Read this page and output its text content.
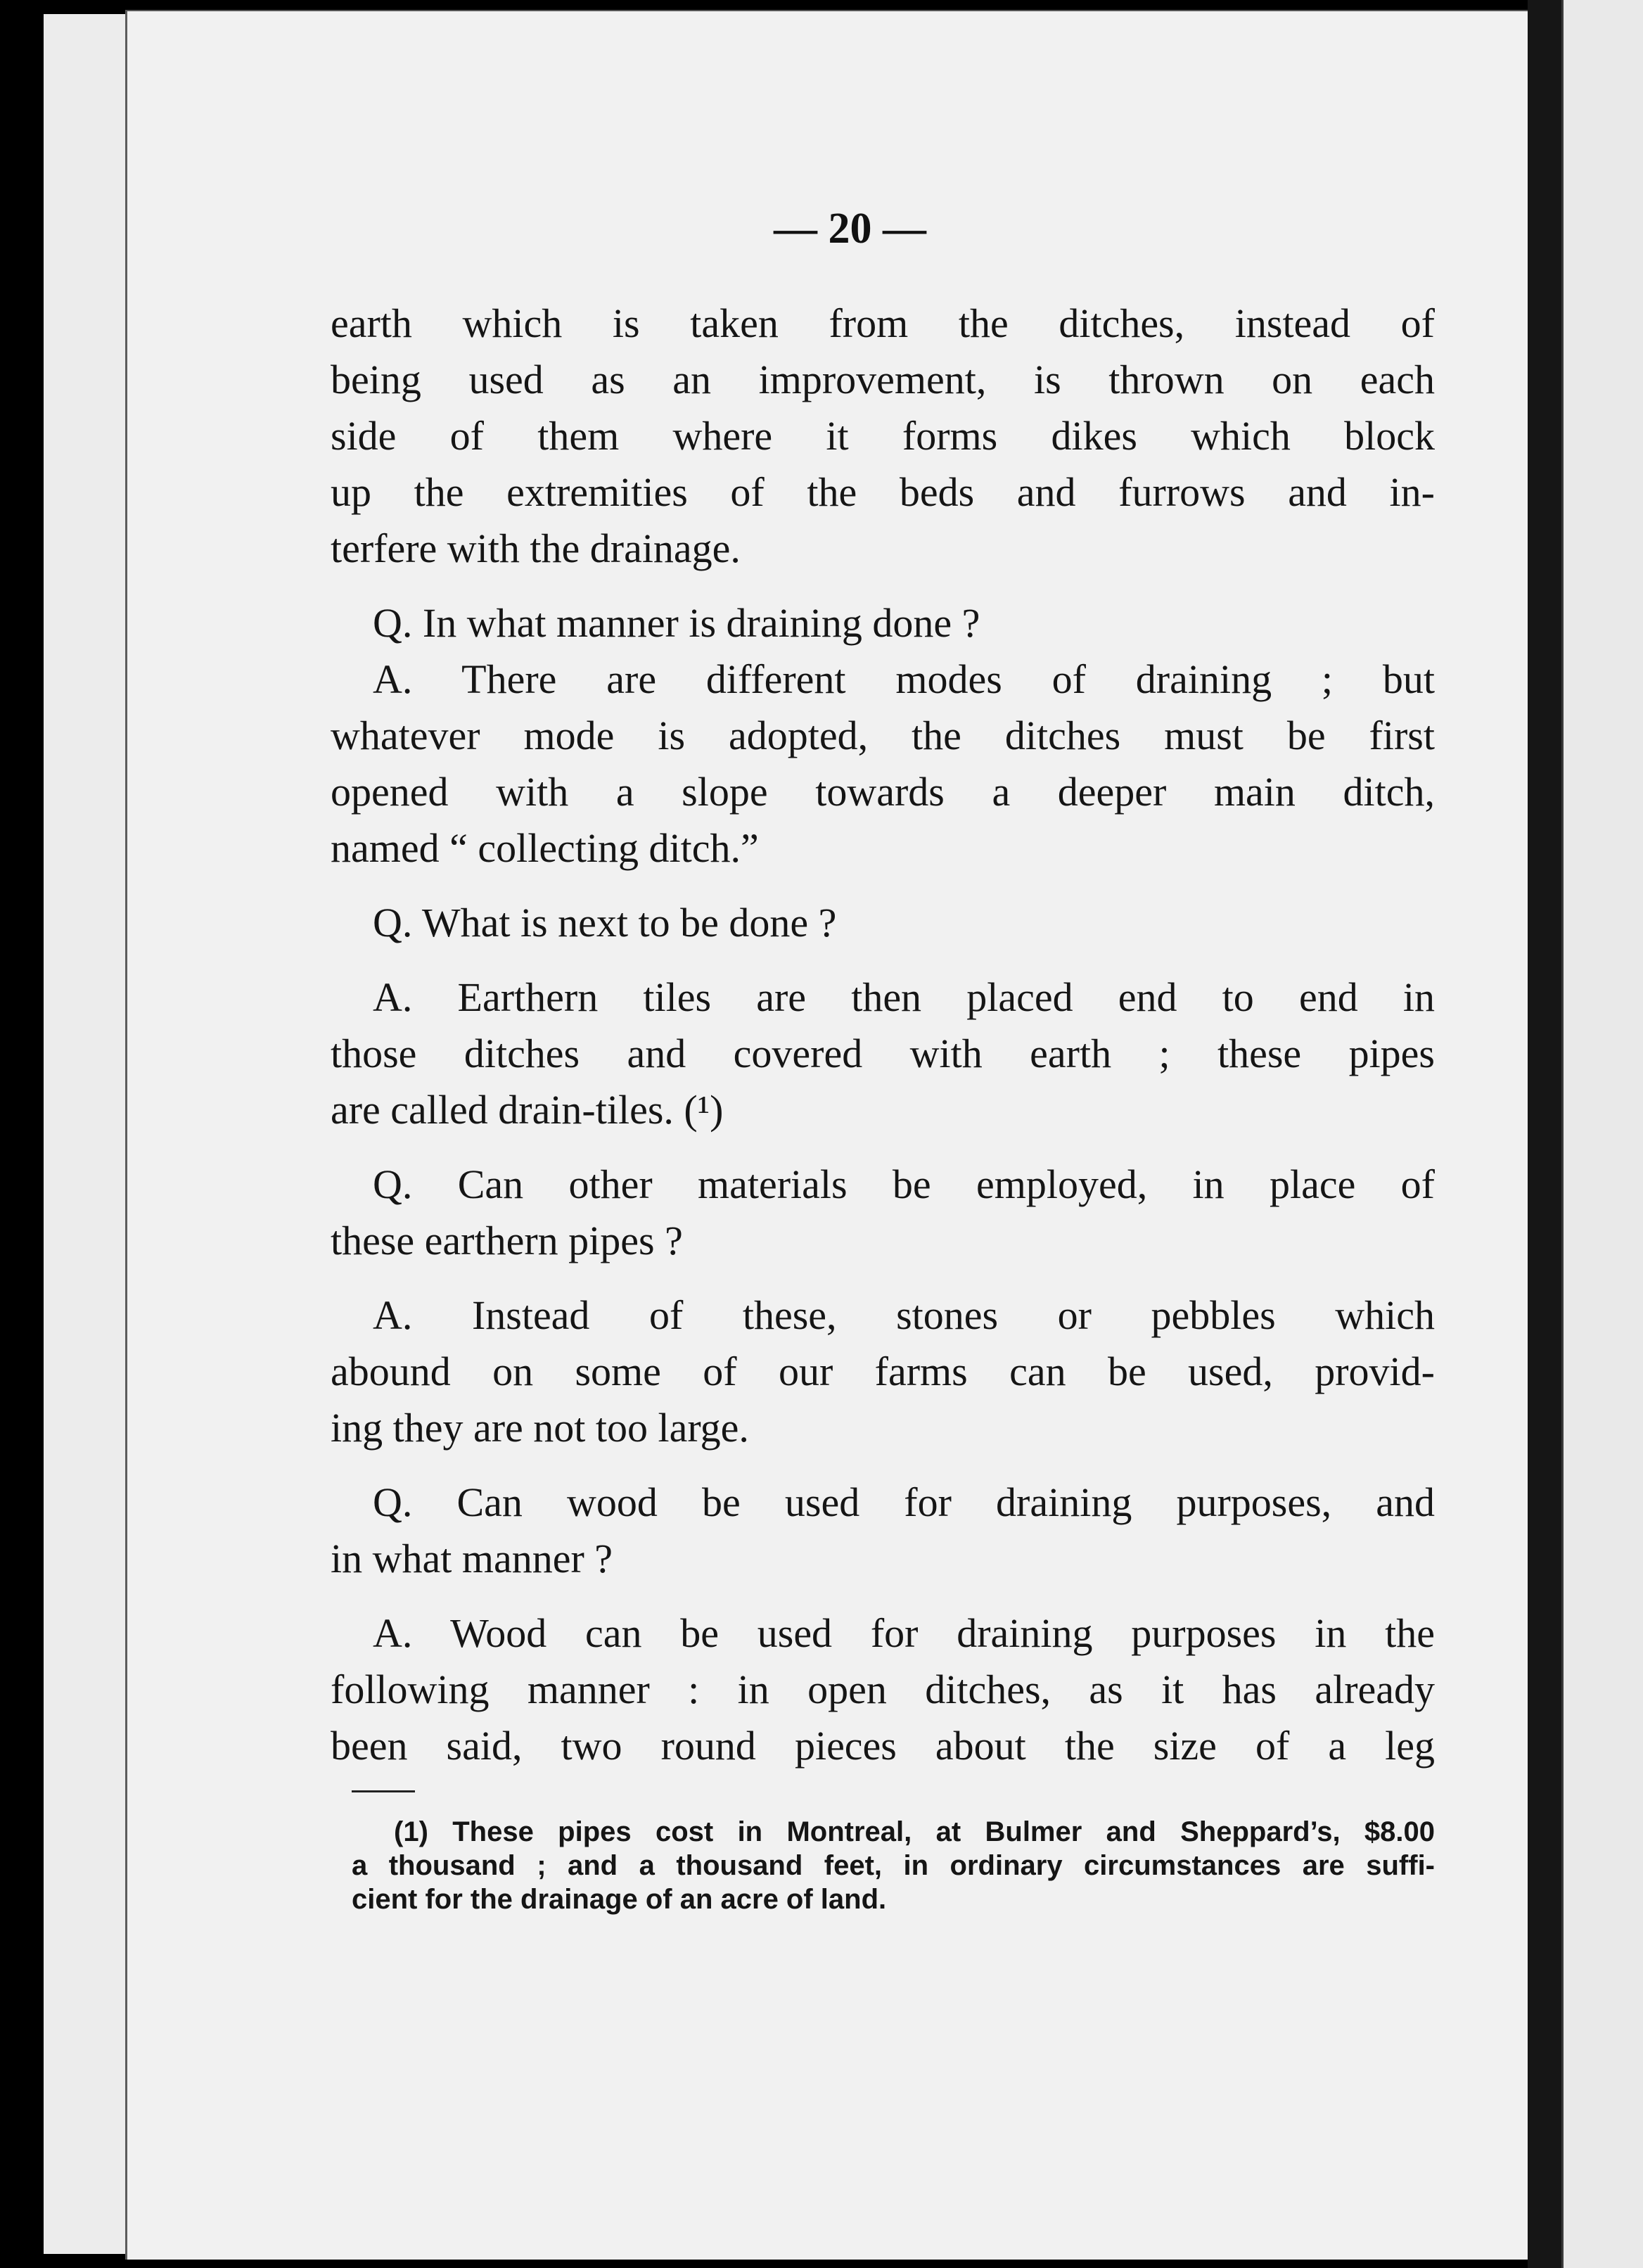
— 20 —
earth which is taken from the ditches, instead of
being used as an improvement, is thrown on each
side of them where it forms dikes which block
up the extremities of the beds and furrows and in-
terfere with the drainage.
Q. In what manner is draining done ?
A. There are different modes of draining ; but
whatever mode is adopted, the ditches must be first
opened with a slope towards a deeper main ditch,
named “ collecting ditch.”
Q. What is next to be done ?
A. Earthern tiles are then placed end to end in
those ditches and covered with earth ; these pipes
are called drain-tiles. (¹)
Q. Can other materials be employed, in place of
these earthern pipes ?
A. Instead of these, stones or pebbles which
abound on some of our farms can be used, provid-
ing they are not too large.
Q. Can wood be used for draining purposes, and
in what manner ?
A. Wood can be used for draining purposes in the
following manner : in open ditches, as it has already
been said, two round pieces about the size of a leg
(1) These pipes cost in Montreal, at Bulmer and Sheppard’s, $8.00
a thousand ; and a thousand feet, in ordinary circumstances are suffi-
cient for the drainage of an acre of land.
